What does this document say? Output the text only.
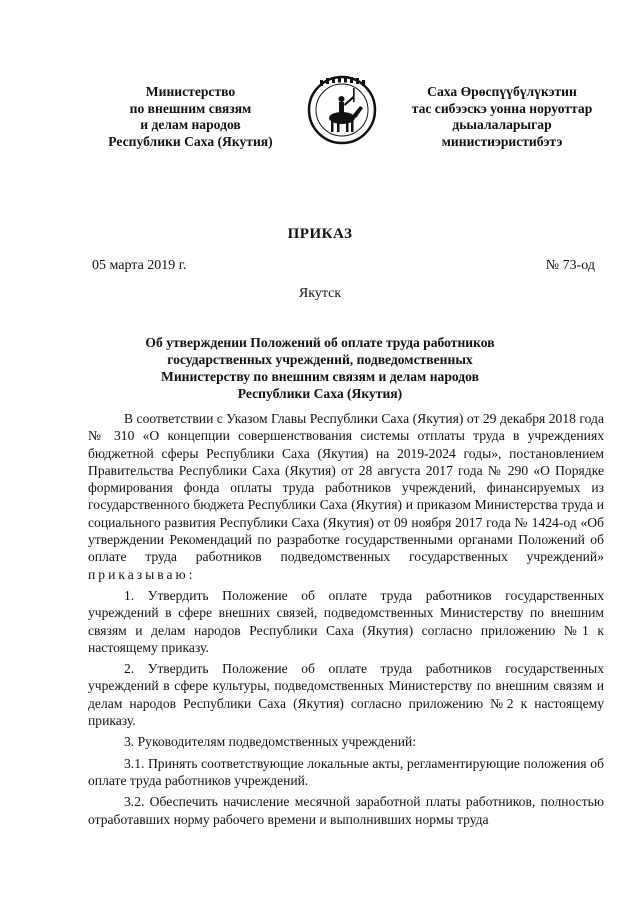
Министерство
по внешним связям
и делам народов
Республики Саха (Якутия)
Саха Өрөспүүбүлүкэтин
тас сибээскэ уонна норуоттар
дьыалаларыгар
министиэристибэтэ
ПРИКАЗ
05 марта 2019 г.	№ 73-од
Якутск
Об утверждении Положений об оплате труда работников
государственных учреждений, подведомственных
Министерству по внешним связям и делам народов
Республики Саха (Якутия)

В соответствии с Указом Главы Республики Саха (Якутия) от 29 декабря 2018 года № 310 «О концепции совершенствования системы отплаты труда в учреждениях бюджетной сферы Республики Саха (Якутия) на 2019-2024 годы», постановлением Правительства Республики Саха (Якутия) от 28 августа 2017 года № 290 «О Порядке формирования фонда оплаты труда работников учреждений, финансируемых из государственного бюджета Республики Саха (Якутия) и приказом Министерства труда и социального развития Республики Саха (Якутия) от 09 ноября 2017 года № 1424-од «Об утверждении Рекомендаций по разработке государственными органами Положений об оплате труда работников подведомственных государственных учреждений» приказываю:

1. Утвердить Положение об оплате труда работников государственных учреждений в сфере внешних связей, подведомственных Министерству по внешним связям и делам народов Республики Саха (Якутия) согласно приложению №1 к настоящему приказу.

2. Утвердить Положение об оплате труда работников государственных учреждений в сфере культуры, подведомственных Министерству по внешним связям и делам народов Республики Саха (Якутия) согласно приложению №2 к настоящему приказу.

3. Руководителям подведомственных учреждений:

3.1. Принять соответствующие локальные акты, регламентирующие положения об оплате труда работников учреждений.

3.2. Обеспечить начисление месячной заработной платы работников, полностью отработавших норму рабочего времени и выполнивших нормы труда
